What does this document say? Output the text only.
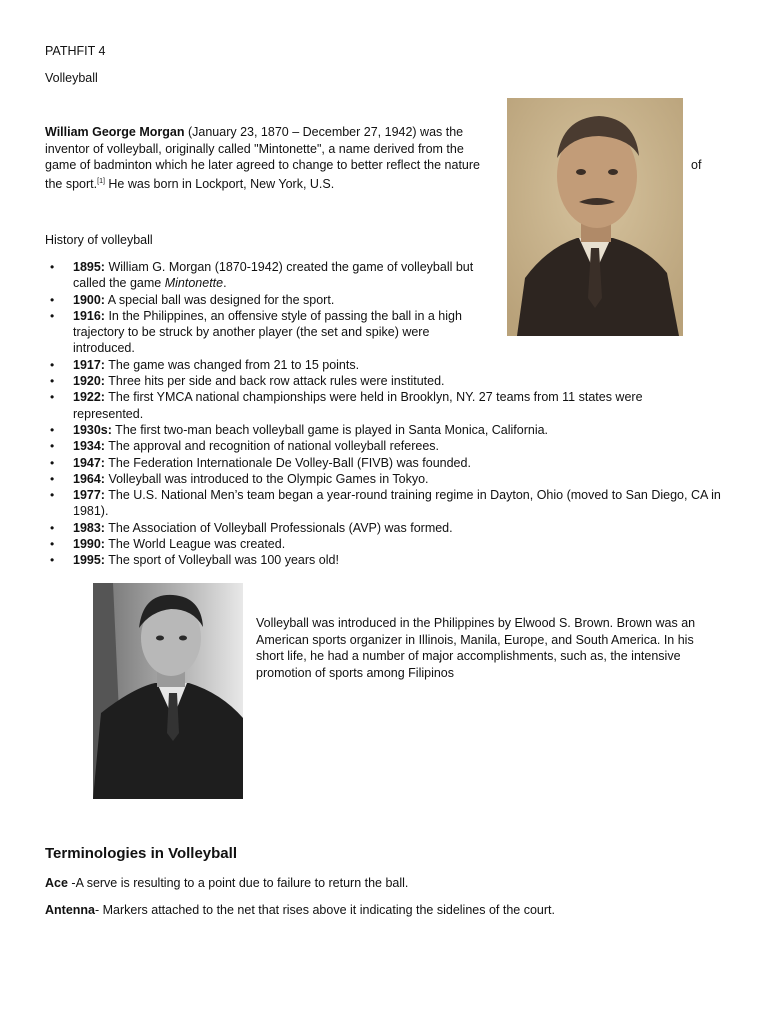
PATHFIT 4
Volleyball
William George Morgan (January 23, 1870 – December 27, 1942) was the
inventor of volleyball, originally called "Mintonette", a name derived from the
game of badminton which he later agreed to change to better reflect the nature
the sport.[1] He was born in Lockport, New York, U.S.
of
History of volleyball
• 1895: William G. Morgan (1870-1942) created the game of volleyball but
called the game Mintonette.
• 1900: A special ball was designed for the sport.
• 1916: In the Philippines, an offensive style of passing the ball in a high
trajectory to be struck by another player (the set and spike) were
introduced.
• 1917: The game was changed from 21 to 15 points.
• 1920: Three hits per side and back row attack rules were instituted.
• 1922: The first YMCA national championships were held in Brooklyn, NY. 27 teams from 11 states were
represented.
• 1930s: The first two-man beach volleyball game is played in Santa Monica, California.
• 1934: The approval and recognition of national volleyball referees.
• 1947: The Federation Internationale De Volley-Ball (FIVB) was founded.
• 1964: Volleyball was introduced to the Olympic Games in Tokyo.
• 1977: The U.S. National Men’s team began a year-round training regime in Dayton, Ohio (moved to San Diego, CA in
1981).
• 1983: The Association of Volleyball Professionals (AVP) was formed.
• 1990: The World League was created.
• 1995: The sport of Volleyball was 100 years old!
Volleyball was introduced in the Philippines by Elwood S. Brown. Brown was an
American sports organizer in Illinois, Manila, Europe, and South America. In his
short life, he had a number of major accomplishments, such as, the intensive
promotion of sports among Filipinos
Terminologies in Volleyball
Ace -A serve is resulting to a point due to failure to return the ball.
Antenna- Markers attached to the net that rises above it indicating the sidelines of the court.
